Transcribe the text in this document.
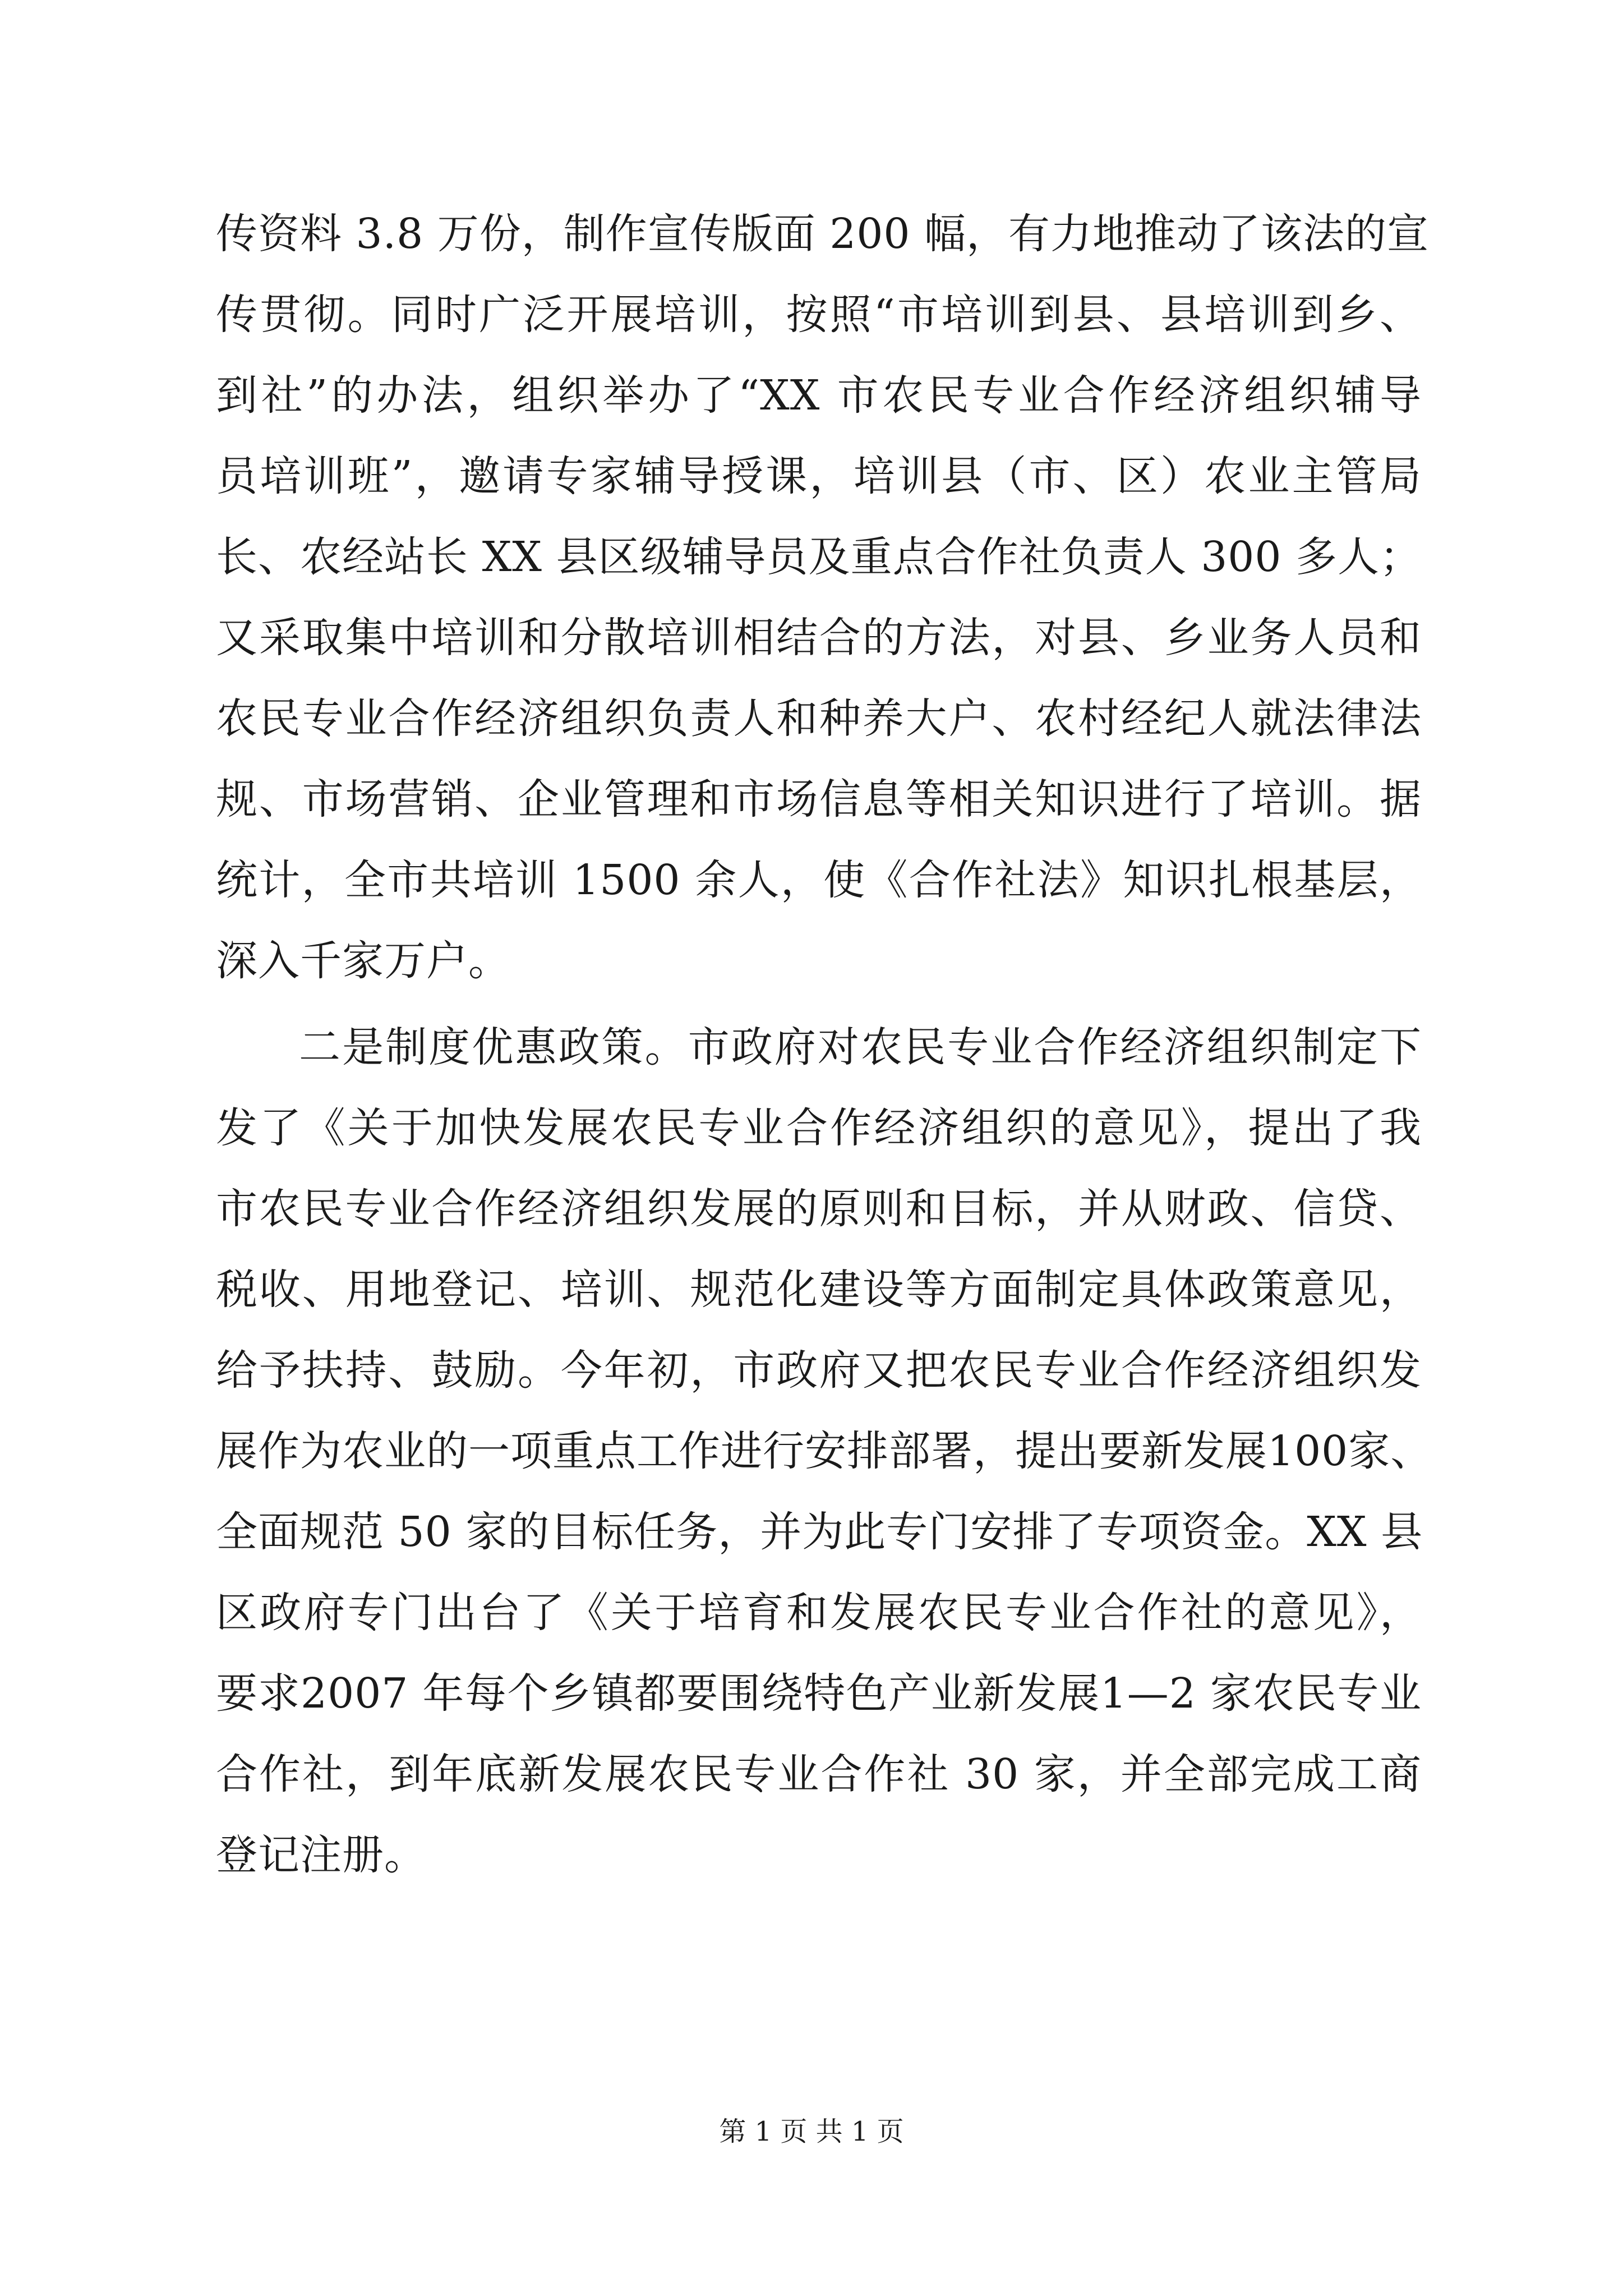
传资料 3.8 万份，制作宣传版面 200 幅，有力地推动了该法的宣
传贯彻。同时广泛开展培训，按照“市培训到县、县培训到乡、
到社”的办法，组织举办了“XX 市农民专业合作经济组织辅导
员培训班”，邀请专家辅导授课，培训县（市、区）农业主管局
长、农经站长 XX 县区级辅导员及重点合作社负责人 300 多人；
又采取集中培训和分散培训相结合的方法，对县、乡业务人员和
农民专业合作经济组织负责人和种养大户、农村经纪人就法律法
规、市场营销、企业管理和市场信息等相关知识进行了培训。据
统计，全市共培训 1500 余人，使《合作社法》知识扎根基层，
深入千家万户。
二是制度优惠政策。市政府对农民专业合作经济组织制定下
发了《关于加快发展农民专业合作经济组织的意见》，提出了我
市农民专业合作经济组织发展的原则和目标，并从财政、信贷、
税收、用地登记、培训、规范化建设等方面制定具体政策意见，
给予扶持、鼓励。今年初，市政府又把农民专业合作经济组织发
展作为农业的一项重点工作进行安排部署，提出要新发展100家、
全面规范 50 家的目标任务，并为此专门安排了专项资金。XX 县
区政府专门出台了《关于培育和发展农民专业合作社的意见》，
要求2007 年每个乡镇都要围绕特色产业新发展1—2 家农民专业
合作社，到年底新发展农民专业合作社 30 家，并全部完成工商
登记注册。
第 1 页 共 1 页
